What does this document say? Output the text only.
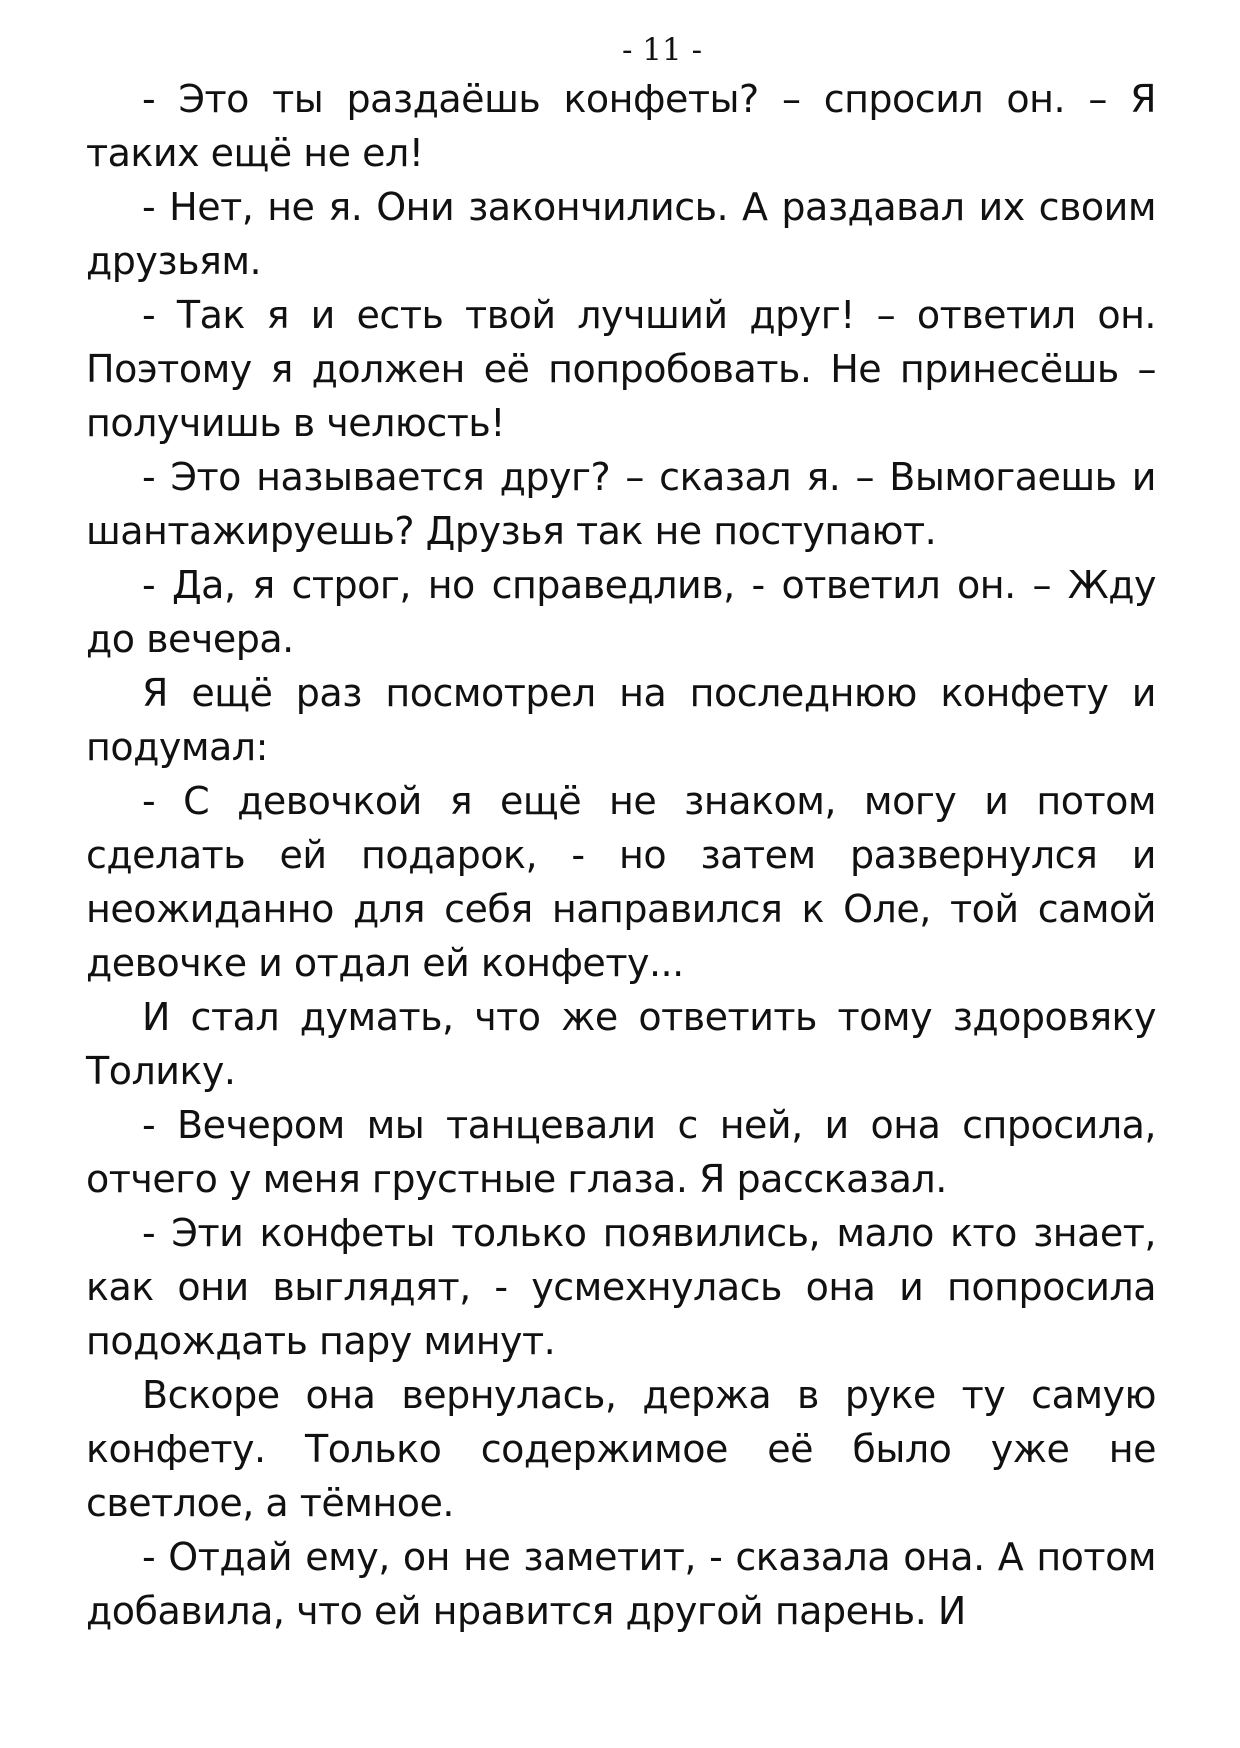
- 11 -

- Это ты раздаёшь конфеты? – спросил он. – Я таких ещё не ел!

- Нет, не я. Они закончились. А раздавал их своим друзьям.

- Так я и есть твой лучший друг! – ответил он. Поэтому я должен её попробовать. Не принесёшь – получишь в челюсть!

- Это называется друг? – сказал я. – Вымогаешь и шантажируешь? Друзья так не поступают.

- Да, я строг, но справедлив, - ответил он. – Жду до вечера.

Я ещё раз посмотрел на последнюю конфету и подумал:

- С девочкой я ещё не знаком, могу и потом сделать ей подарок, - но затем развернулся и неожиданно для себя направился к Оле, той самой девочке и отдал ей конфету...

И стал думать, что же ответить тому здоровяку Толику.

- Вечером мы танцевали с ней, и она спросила, отчего у меня грустные глаза. Я рассказал.

- Эти конфеты только появились, мало кто знает, как они выглядят, - усмехнулась она и попросила подождать пару минут.

Вскоре она вернулась, держа в руке ту самую конфету. Только содержимое её было уже не светлое, а тёмное.

- Отдай ему, он не заметит, - сказала она. А потом добавила, что ей нравится другой парень. И
